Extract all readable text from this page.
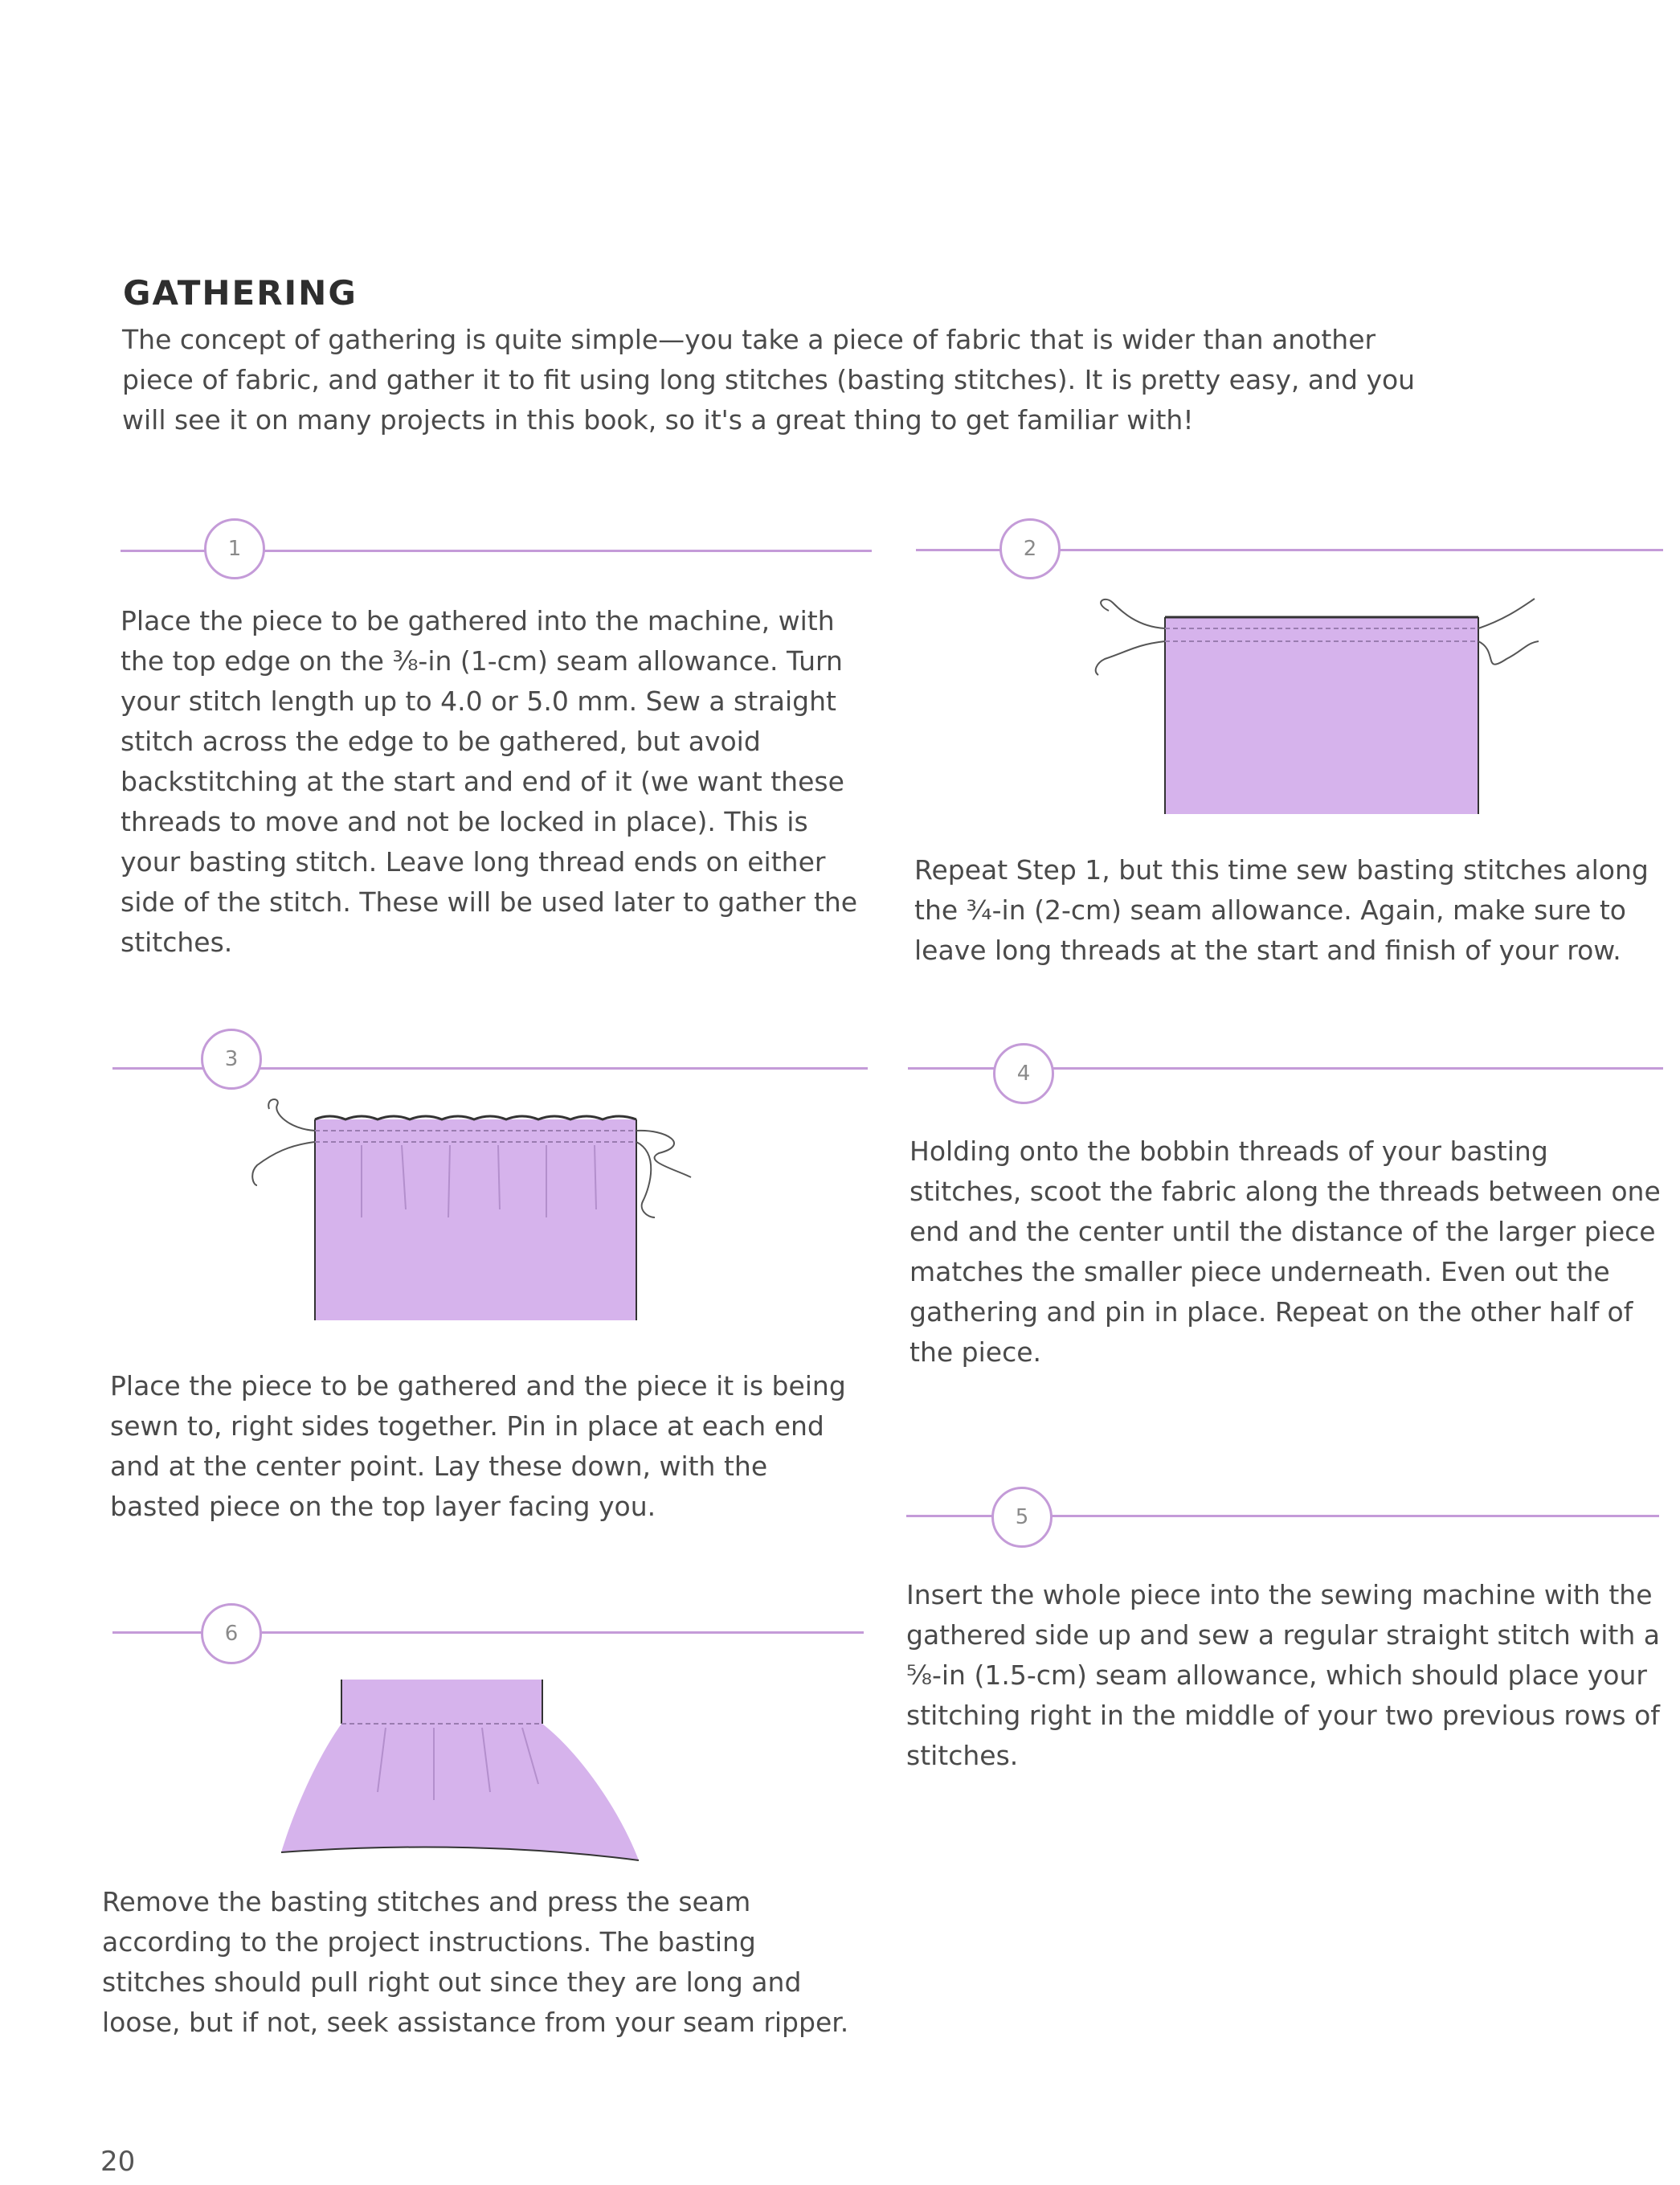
GATHERING

The concept of gathering is quite simple—you take a piece of fabric that is wider than another piece of fabric, and gather it to fit using long stitches (basting stitches). It is pretty easy, and you will see it on many projects in this book, so it's a great thing to get familiar with!

1

Place the piece to be gathered into the machine, with the top edge on the ⅜-in (1-cm) seam allowance. Turn your stitch length up to 4.0 or 5.0 mm. Sew a straight stitch across the edge to be gathered, but avoid backstitching at the start and end of it (we want these threads to move and not be locked in place). This is your basting stitch. Leave long thread ends on either side of the stitch. These will be used later to gather the stitches.

2

Repeat Step 1, but this time sew basting stitches along the ¾-in (2-cm) seam allowance. Again, make sure to leave long threads at the start and finish of your row.

3

Place the piece to be gathered and the piece it is being sewn to, right sides together. Pin in place at each end and at the center point. Lay these down, with the basted piece on the top layer facing you.

4

Holding onto the bobbin threads of your basting stitches, scoot the fabric along the threads between one end and the center until the distance of the larger piece matches the smaller piece underneath. Even out the gathering and pin in place. Repeat on the other half of the piece.

5

Insert the whole piece into the sewing machine with the gathered side up and sew a regular straight stitch with a ⅝-in (1.5-cm) seam allowance, which should place your stitching right in the middle of your two previous rows of stitches.

6

Remove the basting stitches and press the seam according to the project instructions. The basting stitches should pull right out since they are long and loose, but if not, seek assistance from your seam ripper.

20
